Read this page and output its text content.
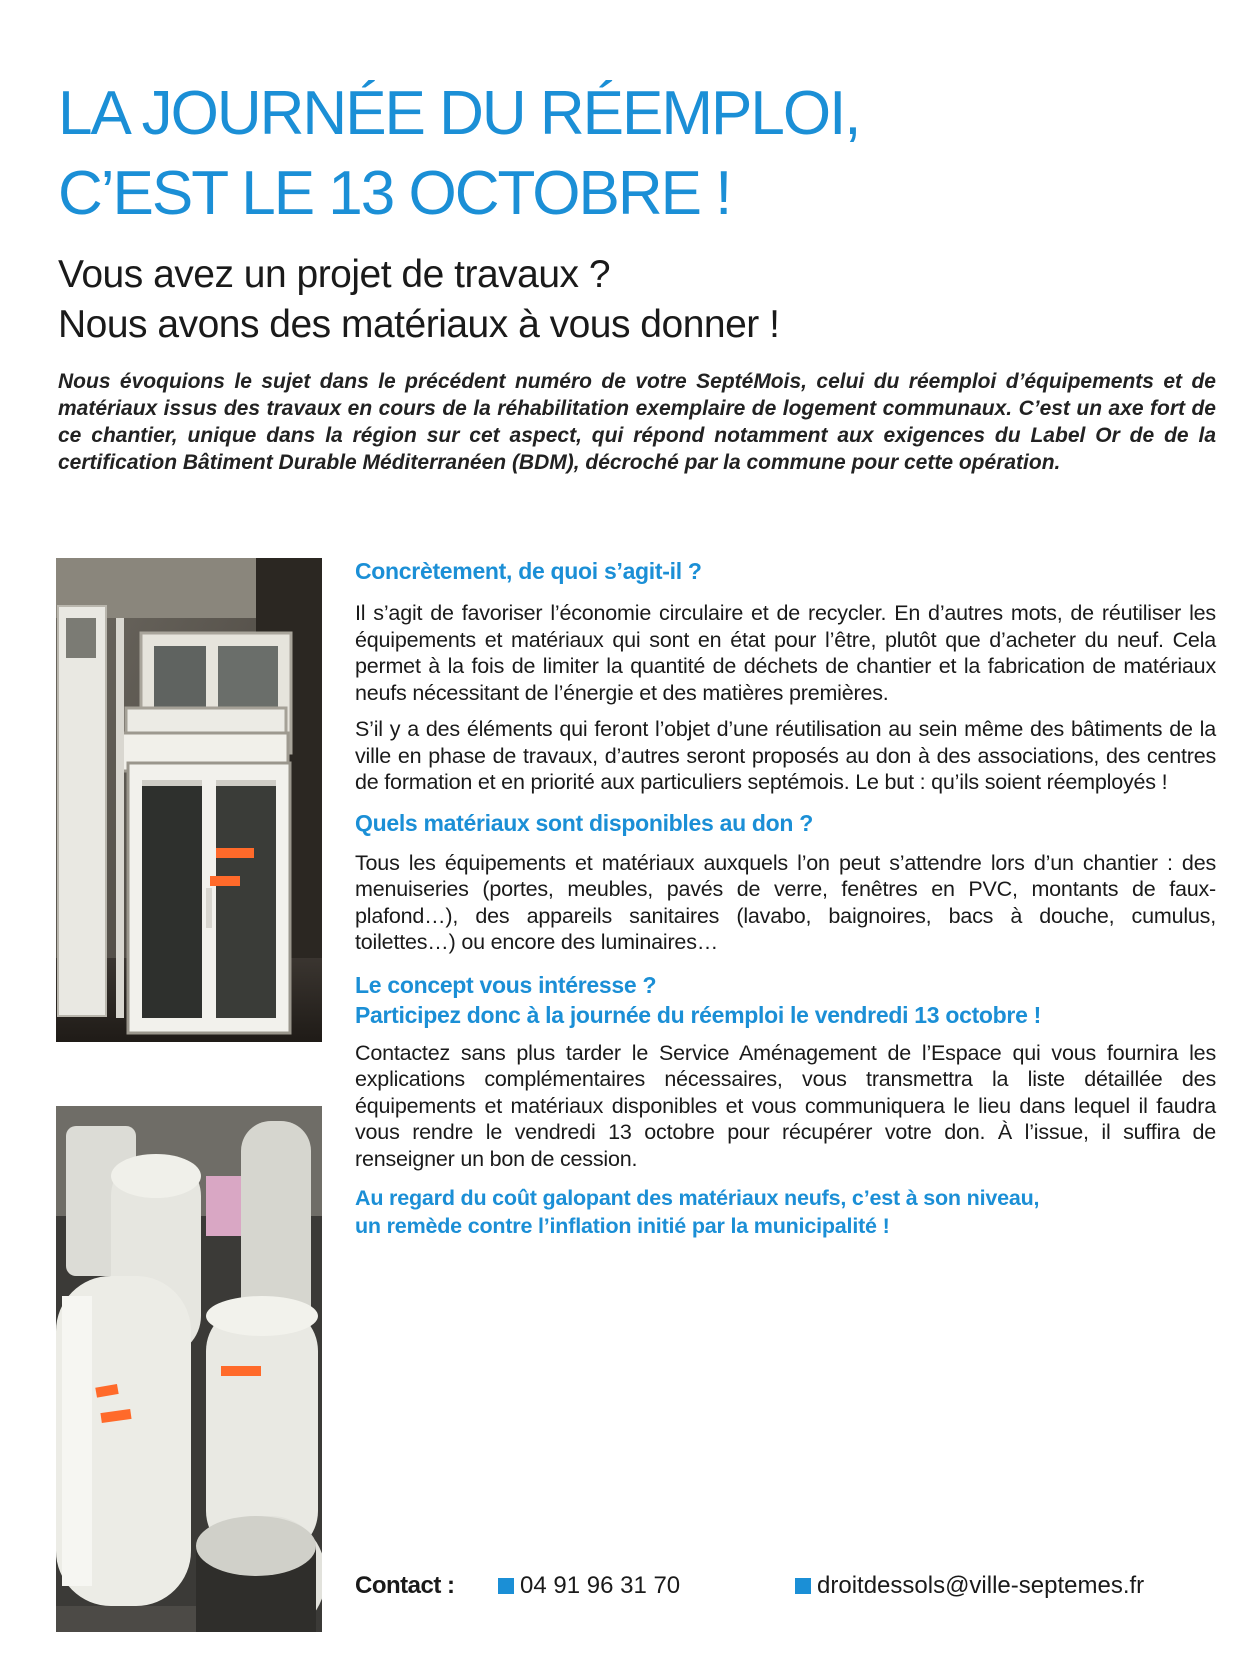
LA JOURNÉE DU RÉEMPLOI,
C’EST LE 13 OCTOBRE !
Vous avez un projet de travaux ?
Nous avons des matériaux à vous donner !

Nous évoquions le sujet dans le précédent numéro de votre SeptéMois, celui du réemploi d’équipements et de matériaux issus des travaux en cours de la réhabilitation exemplaire de logement communaux. C’est un axe fort de ce chantier, unique dans la région sur cet aspect, qui répond notamment aux exigences du Label Or de de la certification Bâtiment Durable Méditerranéen (BDM), décroché par la commune pour cette opération.

Concrètement, de quoi s’agit-il ?

Il s’agit de favoriser l’économie circulaire et de recycler. En d’autres mots, de réutiliser les équipements et matériaux qui sont en état pour l’être, plutôt que d’acheter du neuf. Cela permet à la fois de limiter la quantité de déchets de chantier et la fabrication de matériaux neufs nécessitant de l’énergie et des matières premières.

S’il y a des éléments qui feront l’objet d’une réutilisation au sein même des bâtiments de la ville en phase de travaux, d’autres seront proposés au don à des associations, des centres de formation et en priorité aux particuliers septémois. Le but : qu’ils soient réemployés !

Quels matériaux sont disponibles au don ?

Tous les équipements et matériaux auxquels l’on peut s’attendre lors d’un chantier : des menuiseries (portes, meubles, pavés de verre, fenêtres en PVC, montants de faux-plafond…), des appareils sanitaires (lavabo, baignoires, bacs à douche, cumulus, toilettes…) ou encore des luminaires…

Le concept vous intéresse ?
Participez donc à la journée du réemploi le vendredi 13 octobre !

Contactez sans plus tarder le Service Aménagement de l’Espace qui vous fournira les explications complémentaires nécessaires, vous transmettra la liste détaillée des équipements et matériaux disponibles et vous communiquera le lieu dans lequel il faudra vous rendre le vendredi 13 octobre pour récupérer votre don. À l’issue, il suffira de renseigner un bon de cession.

Au regard du coût galopant des matériaux neufs, c’est à son niveau,

un remède contre l’inflation initié par la municipalité !

Contact :	04 91 96 31 70	droitdessols@ville-septemes.fr
